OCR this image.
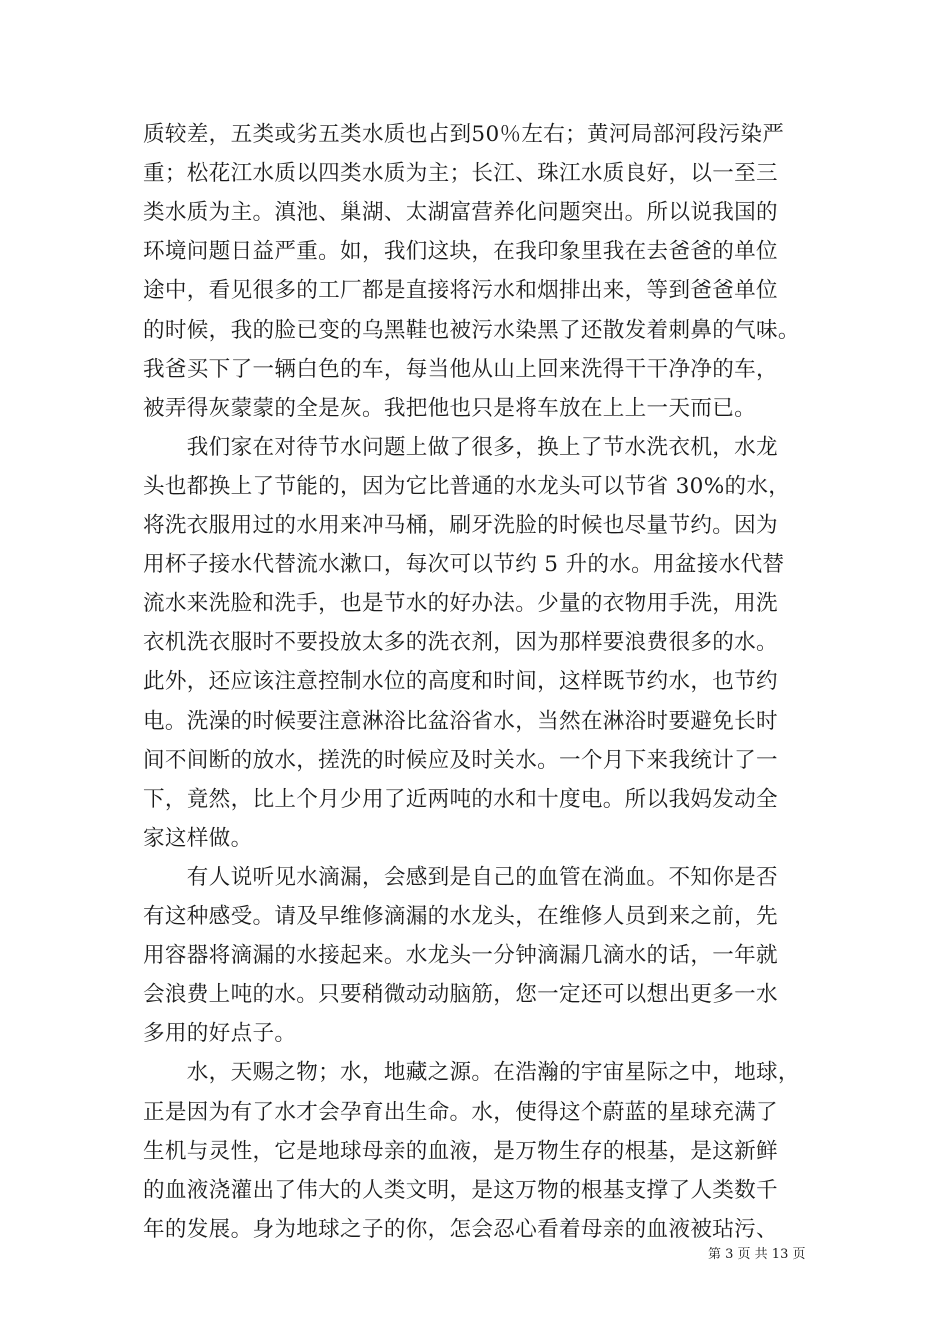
质较差，五类或劣五类水质也占到50％左右；黄河局部河段污染严
重；松花江水质以四类水质为主；长江、珠江水质良好，以一至三
类水质为主。滇池、巢湖、太湖富营养化问题突出。所以说我国的
环境问题日益严重。如，我们这块，在我印象里我在去爸爸的单位
途中，看见很多的工厂都是直接将污水和烟排出来，等到爸爸单位
的时候，我的脸已变的乌黑鞋也被污水染黑了还散发着刺鼻的气味。
我爸买下了一辆白色的车，每当他从山上回来洗得干干净净的车，
被弄得灰蒙蒙的全是灰。我把他也只是将车放在上上一天而已。
　　我们家在对待节水问题上做了很多，换上了节水洗衣机，水龙
头也都换上了节能的，因为它比普通的水龙头可以节省 30%的水，
将洗衣服用过的水用来冲马桶，刷牙洗脸的时候也尽量节约。因为
用杯子接水代替流水漱口，每次可以节约 5 升的水。用盆接水代替
流水来洗脸和洗手，也是节水的好办法。少量的衣物用手洗，用洗
衣机洗衣服时不要投放太多的洗衣剂，因为那样要浪费很多的水。
此外，还应该注意控制水位的高度和时间，这样既节约水，也节约
电。洗澡的时候要注意淋浴比盆浴省水，当然在淋浴时要避免长时
间不间断的放水，搓洗的时候应及时关水。一个月下来我统计了一
下，竟然，比上个月少用了近两吨的水和十度电。所以我妈发动全
家这样做。
　　有人说听见水滴漏，会感到是自己的血管在淌血。不知你是否
有这种感受。请及早维修滴漏的水龙头，在维修人员到来之前，先
用容器将滴漏的水接起来。水龙头一分钟滴漏几滴水的话，一年就
会浪费上吨的水。只要稍微动动脑筋，您一定还可以想出更多一水
多用的好点子。
　　水，天赐之物；水，地藏之源。在浩瀚的宇宙星际之中，地球，
正是因为有了水才会孕育出生命。水，使得这个蔚蓝的星球充满了
生机与灵性，它是地球母亲的血液，是万物生存的根基，是这新鲜
的血液浇灌出了伟大的人类文明，是这万物的根基支撑了人类数千
年的发展。身为地球之子的你，怎会忍心看着母亲的血液被玷污、
第 3 页 共 13 页
